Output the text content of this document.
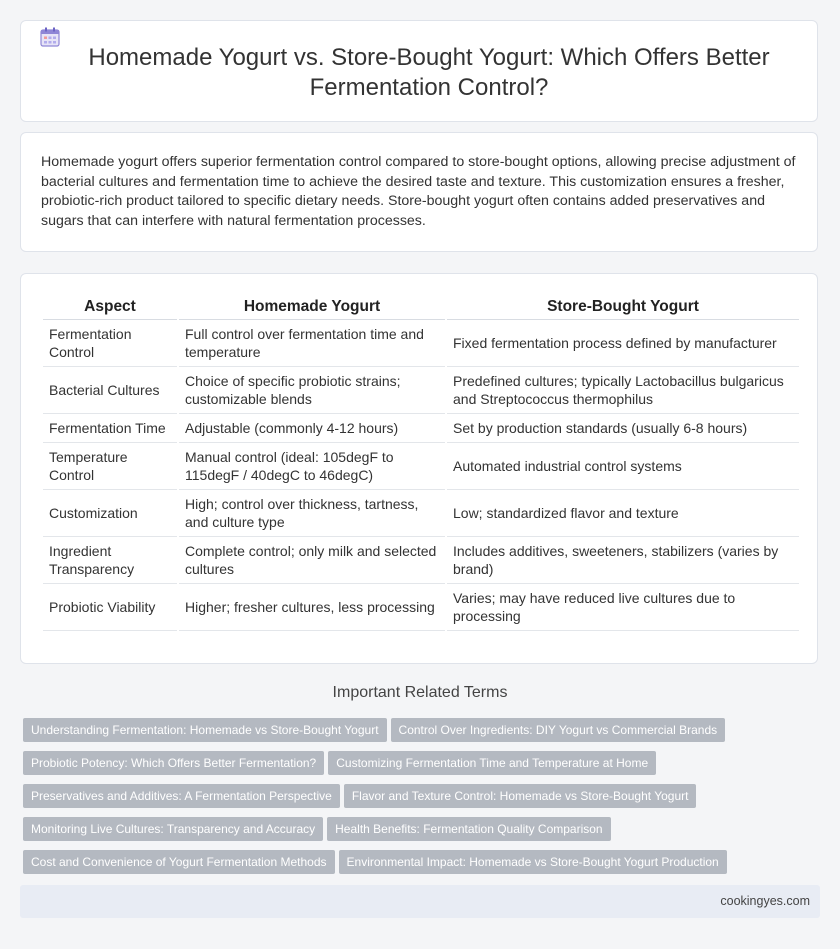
Homemade Yogurt vs. Store-Bought Yogurt: Which Offers Better Fermentation Control?

Homemade yogurt offers superior fermentation control compared to store-bought options, allowing precise adjustment of bacterial cultures and fermentation time to achieve the desired taste and texture. This customization ensures a fresher, probiotic-rich product tailored to specific dietary needs. Store-bought yogurt often contains added preservatives and sugars that can interfere with natural fermentation processes.

Aspect	Homemade Yogurt	Store-Bought Yogurt
Fermentation Control	Full control over fermentation time and temperature	Fixed fermentation process defined by manufacturer
Bacterial Cultures	Choice of specific probiotic strains; customizable blends	Predefined cultures; typically Lactobacillus bulgaricus and Streptococcus thermophilus
Fermentation Time	Adjustable (commonly 4-12 hours)	Set by production standards (usually 6-8 hours)
Temperature Control	Manual control (ideal: 105degF to 115degF / 40degC to 46degC)	Automated industrial control systems
Customization	High; control over thickness, tartness, and culture type	Low; standardized flavor and texture
Ingredient Transparency	Complete control; only milk and selected cultures	Includes additives, sweeteners, stabilizers (varies by brand)
Probiotic Viability	Higher; fresher cultures, less processing	Varies; may have reduced live cultures due to processing
Important Related Terms
Understanding Fermentation: Homemade vs Store-Bought Yogurt Control Over Ingredients: DIY Yogurt vs Commercial Brands
Probiotic Potency: Which Offers Better Fermentation? Customizing Fermentation Time and Temperature at Home
Preservatives and Additives: A Fermentation Perspective Flavor and Texture Control: Homemade vs Store-Bought Yogurt
Monitoring Live Cultures: Transparency and Accuracy Health Benefits: Fermentation Quality Comparison
Cost and Convenience of Yogurt Fermentation Methods Environmental Impact: Homemade vs Store-Bought Yogurt Production
cookingyes.com
